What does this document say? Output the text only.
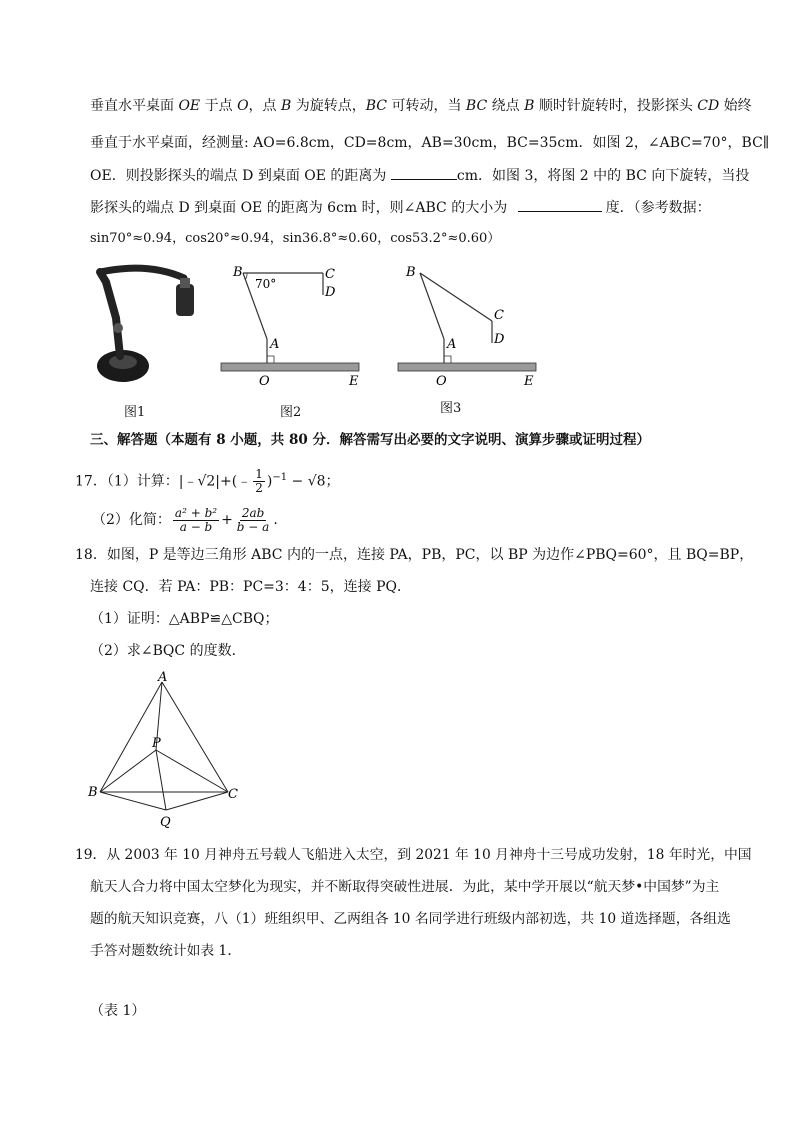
垂直水平桌面 OE 于点 O，点 B 为旋转点，BC 可转动，当 BC 绕点 B 顺时针旋转时，投影探头 CD 始终
垂直于水平桌面，经测量: AO=6.8cm，CD=8cm，AB=30cm，BC=35cm．如图 2，∠ABC=70°，BC∥
OE．则投影探头的端点 D 到桌面 OE 的距离为	cm．如图 3，将图 2 中的 BC 向下旋转，当投
影探头的端点 D 到桌面 OE 的距离为 6cm 时，则∠ABC 的大小为	度．（参考数据：
sin70°≈0.94，cos20°≈0.94，sin36.8°≈0.60，cos53.2°≈0.60）
图1
B
70°
C
D
A
O	E
图2
B
C
D
A
O	E
图3
三、解答题（本题有 8 小题，共 80 分．解答需写出必要的文字说明、演算步骤或证明过程）
17．（1）计算：|﹣√2|+(﹣ $\frac{1}{2} )^{-1} - √8$；
（2）化简： $\frac{\text{a² + b²}}{a - b} + \frac{2ab}{b - a}$ .
18．如图，P 是等边三角形 ABC 内的一点，连接 PA，PB，PC，以 BP 为边作∠PBQ=60°，且 BQ=BP，
连接 CQ．若 PA：PB：PC=3：4：5，连接 PQ．
（1）证明：△ABP≌△CBQ；
（2）求∠BQC 的度数．
A
P
B	C
Q
19．从 2003 年 10 月神舟五号载人飞船进入太空，到 2021 年 10 月神舟十三号成功发射，18 年时光，中国
航天人合力将中国太空梦化为现实，并不断取得突破性进展．为此，某中学开展以“航天梦•中国梦”为主
题的航天知识竞赛，八（1）班组织甲、乙两组各 10 名同学进行班级内部初选，共 10 道选择题，各组选
手答对题数统计如表 1．
（表 1）
